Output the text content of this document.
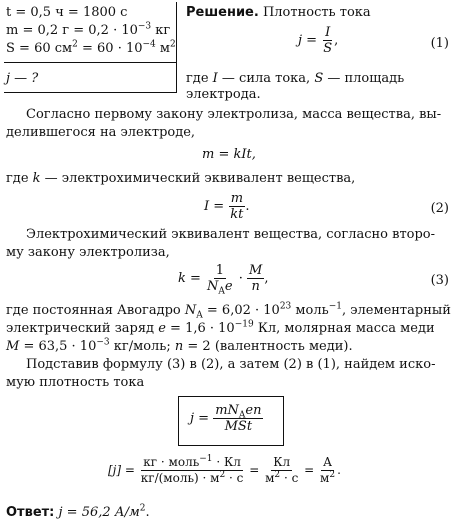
t = 0,5 ч = 1800 с
m = 0,2 $г = 0,2 \cdot 10^{-3}$ кг
S = 60 $см^2 = 60 \cdot 10^{-4}$ $м^2$
j — ?
Решение. Плотность тока
$j = \frac{I}{S}$ ,	(1)
где I — сила тока, S — площадь
электрода.
Согласно первому закону электролиза, масса вещества, вы-
делившегося на электроде,
m = kIt,
где k — электрохимический эквивалент вещества,
$I = \frac{m}{kt}$ .	(2)
Электрохимический эквивалент вещества, согласно второ-
му закону электролиза,
$k = \frac{1}{N_Ae} \cdot \frac{M}{n}$ ,	(3)
где постоянная Авогадро $N_A = 6,02 \cdot 10^{23}$ моль$^{-1}$, элементарный
электрический заряд $e = 1,6 \cdot 10^{-19}$ Кл, молярная масса меди
$M = 63,5 \cdot 10^{-3}$ кг/моль; n = 2 (валентность меди).
Подставив формулу (3) в (2), а затем (2) в (1), найдем иско-
мую плотность тока
$j = \frac{mN_Aen}{\text{MSt}}$
$[j] = \frac{кг \cdot моль^{-1} \cdot Кл}{кг/(моль) \cdot м^2 \cdot с} = \frac{Кл}{м^2 \cdot с} = \frac{А}{м^2}$ .
Ответ: j = 56,2 $А/м^2$.
